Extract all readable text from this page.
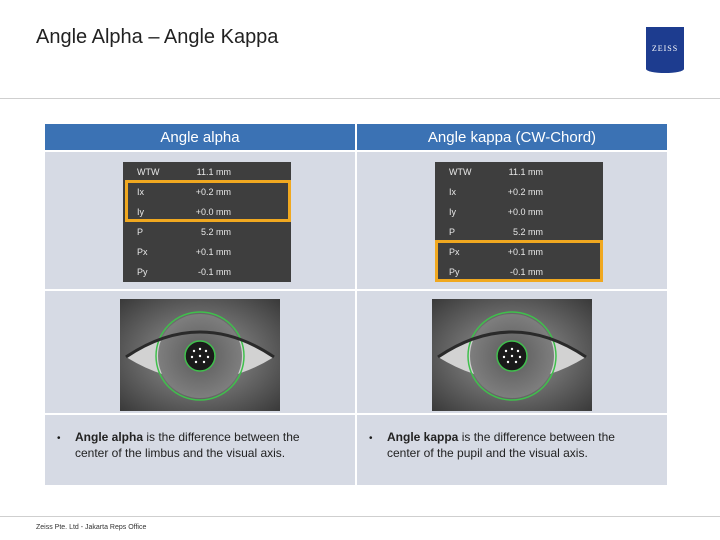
Angle Alpha – Angle Kappa	ZEISS
Angle alpha
WTW	11.1 mm
Ix	+0.2 mm
Iy	+0.0 mm
P	5.2 mm
Px	+0.1 mm
Py	-0.1 mm
• Angle alpha is the difference between the center of the limbus and the visual axis.
Angle kappa (CW-Chord)
WTW	11.1 mm
Ix	+0.2 mm
Iy	+0.0 mm
P	5.2 mm
Px	+0.1 mm
Py	-0.1 mm
• Angle kappa is the difference between the center of the pupil and the visual axis.
Zeiss Pte. Ltd - Jakarta Reps Office
